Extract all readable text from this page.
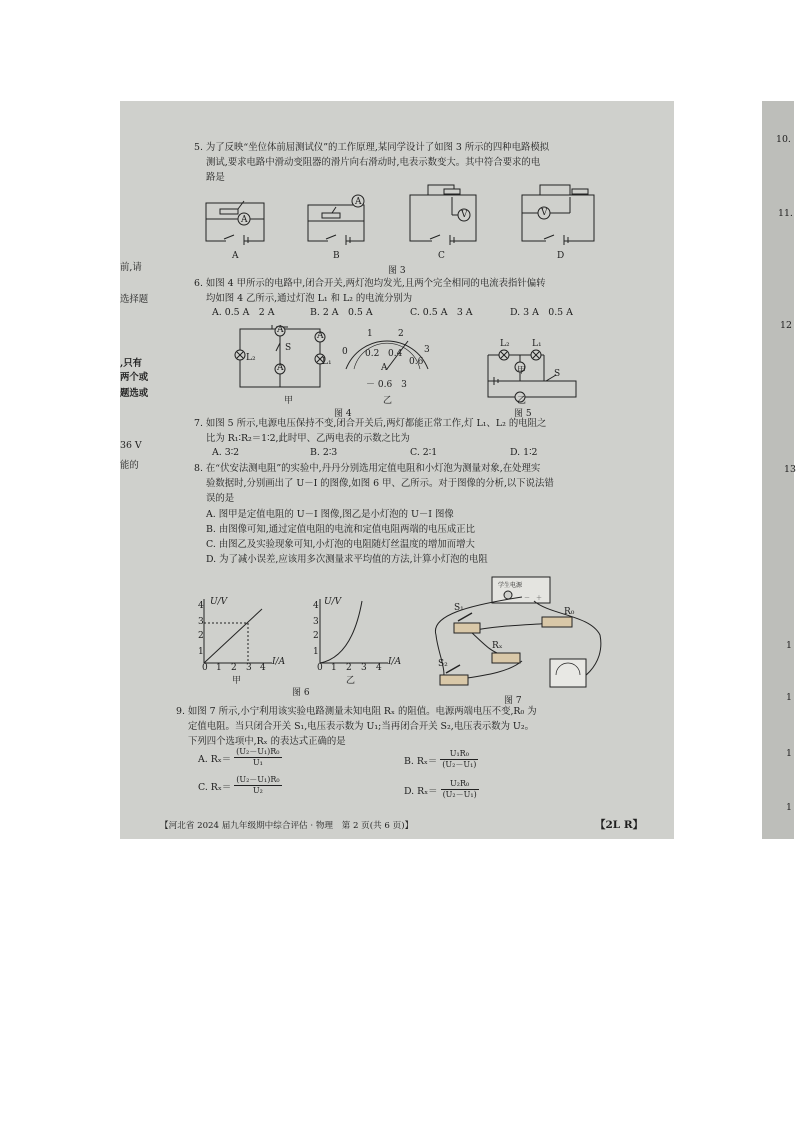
前,请
选择题
,只有
两个或
题选或
36 V
能的
10.
11.
12
13
1
1
1
1
5. 为了反映“坐位体前屈测试仪”的工作原理,某同学设计了如图 3 所示的四种电路模拟
测试,要求电路中滑动变阻器的滑片向右滑动时,电表示数变大。其中符合要求的电
路是
A
A
A
B
V
C
V
D
图 3
6. 如图 4 甲所示的电路中,闭合开关,两灯泡均发光,且两个完全相同的电流表指针偏转
均如图 4 乙所示,通过灯泡 L₁ 和 L₂ 的电流分别为
A. 0.5 A　2 A	B. 2 A　0.5 A	C. 0.5 A　3 A	D. 3 A　0.5 A
A
A
A
L₂	L₁
S
甲
0
1	2
3
0.2 0.4
0.6
A
－ 0.6　3
乙
图 4
L₂ L₁
甲
乙
S
图 5
7. 如图 5 所示,电源电压保持不变,闭合开关后,两灯都能正常工作,灯 L₁、L₂ 的电阻之
比为 R₁∶R₂＝1∶2,此时甲、乙两电表的示数之比为
A. 3∶2	B. 2∶3	C. 2∶1	D. 1∶2
8. 在“伏安法测电阻”的实验中,丹丹分别选用定值电阻和小灯泡为测量对象,在处理实
验数据时,分别画出了 U－I 的图像,如图 6 甲、乙所示。对于图像的分析,以下说法错
误的是
A. 图甲是定值电阻的 U－I 图像,图乙是小灯泡的 U－I 图像
B. 由图像可知,通过定值电阻的电流和定值电阻两端的电压成正比
C. 由图乙及实验现象可知,小灯泡的电阻随灯丝温度的增加而增大
D. 为了减小误差,应该用多次测量求平均值的方法,计算小灯泡的电阻
U/V
1
2
3
4
0 1 2 3 4
I/A
甲
U/V
1
2
3
4
0 1 2 3 4
I/A
乙
图 6
学生电源
－　＋
S₁	R₀
Rₓ
S₂
图 7
9. 如图 7 所示,小宁利用该实验电路测量未知电阻 Rₓ 的阻值。电源两端电压不变,R₀ 为
定值电阻。当只闭合开关 S₁,电压表示数为 U₁;当再闭合开关 S₂,电压表示数为 U₂。
下列四个选项中,Rₓ 的表达式正确的是
A. $R_x= \frac{\text{(U₂－U₁)R₀}}{\text{U₁}}$	B. $R_x= \frac{\text{U₁R₀}}{\text{(U₂－U₁)}}$
C. $R_x= \frac{\text{(U₂－U₁)R₀}}{\text{U₂}}$	D. $R_x= \frac{\text{U₂R₀}}{\text{(U₂－U₁)}}$
【河北省 2024 届九年级期中综合评估 · 物理　第 2 页(共 6 页)】	【2L R】
